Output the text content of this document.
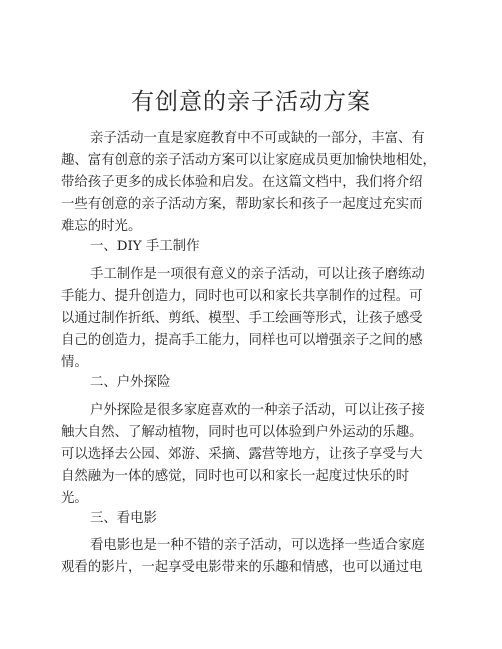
有创意的亲子活动方案
亲子活动一直是家庭教育中不可或缺的一部分，丰富、有
趣、富有创意的亲子活动方案可以让家庭成员更加愉快地相处，
带给孩子更多的成长体验和启发。在这篇文档中，我们将介绍
一些有创意的亲子活动方案，帮助家长和孩子一起度过充实而
难忘的时光。
一、DIY 手工制作
手工制作是一项很有意义的亲子活动，可以让孩子磨练动
手能力、提升创造力，同时也可以和家长共享制作的过程。可
以通过制作折纸、剪纸、模型、手工绘画等形式，让孩子感受
自己的创造力，提高手工能力，同样也可以增强亲子之间的感
情。
二、户外探险
户外探险是很多家庭喜欢的一种亲子活动，可以让孩子接
触大自然、了解动植物，同时也可以体验到户外运动的乐趣。
可以选择去公园、郊游、采摘、露营等地方，让孩子享受与大
自然融为一体的感觉，同时也可以和家长一起度过快乐的时
光。
三、看电影
看电影也是一种不错的亲子活动，可以选择一些适合家庭
观看的影片，一起享受电影带来的乐趣和情感，也可以通过电
